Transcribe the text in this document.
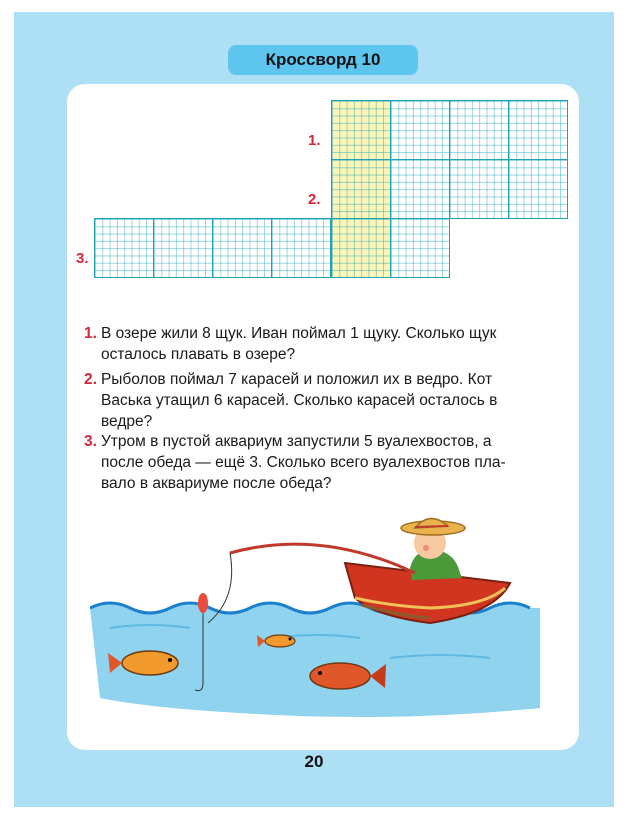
Кроссворд 10
1.
2.
3.
1. В озере жили 8 щук. Иван поймал 1 щуку. Сколько щук
осталось плавать в озере?
2. Рыболов поймал 7 карасей и положил их в ведро. Кот
Васька утащил 6 карасей. Сколько карасей осталось в
ведре?
3. Утром в пустой аквариум запустили 5 вуалехвостов, а
после обеда — ещё 3. Сколько всего вуалехвостов пла-
вало в аквариуме после обеда?
20
